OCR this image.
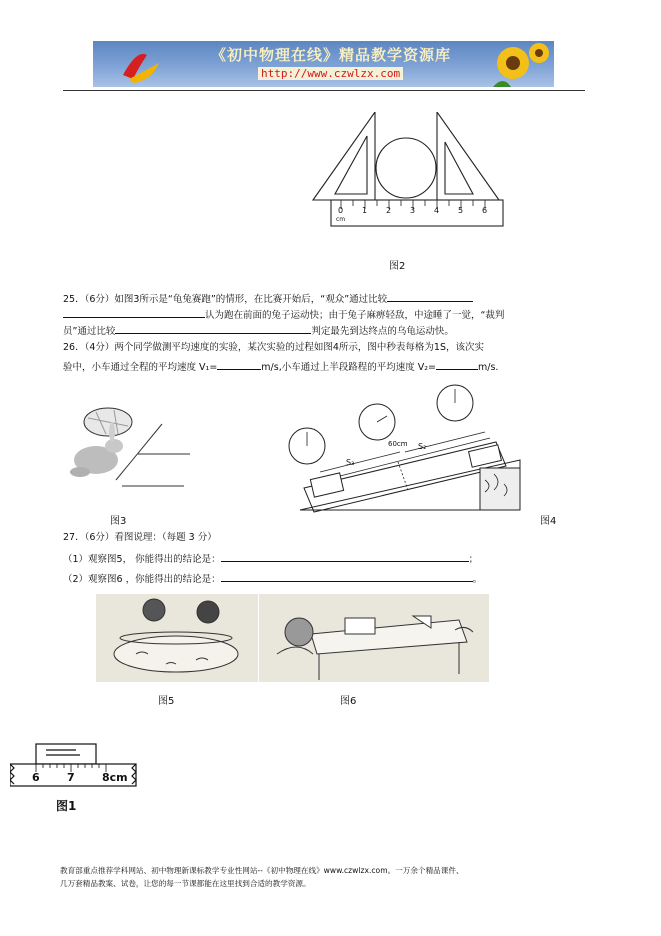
《初中物理在线》精品教学资源库
http://www.czwlzx.com
0 1 2 3 4 5 6
cm
图2
25．（6分）如图3所示是“龟兔赛跑”的情形，在比赛开始后，“观众”通过比较
认为跑在前面的兔子运动快；由于兔子麻痹轻敌，中途睡了一觉，“裁判
员”通过比较	判定最先到达终点的乌龟运动快。
26．（4分）两个同学做测平均速度的实验，某次实验的过程如图4所示，图中秒表每格为1S，该次实
验中，小车通过全程的平均速度 V₁=	m/s,小车通过上半段路程的平均速度 V₂=	m/s.
图3
60cm S₂
S₃
图4
27．（6分）看图说理：（每题 3 分）
（1）观察图5， 你能得出的结论是：	；
（2）观察图6 ，你能得出的结论是：	。
图5	图6
6 7 8cm
图1
教育部重点推荐学科网站、初中物理新课标教学专业性网站--《初中物理在线》www.czwlzx.com。一万余个精品课件、
几万套精品教案、试卷，让您的每一节课都能在这里找到合适的教学资源。
